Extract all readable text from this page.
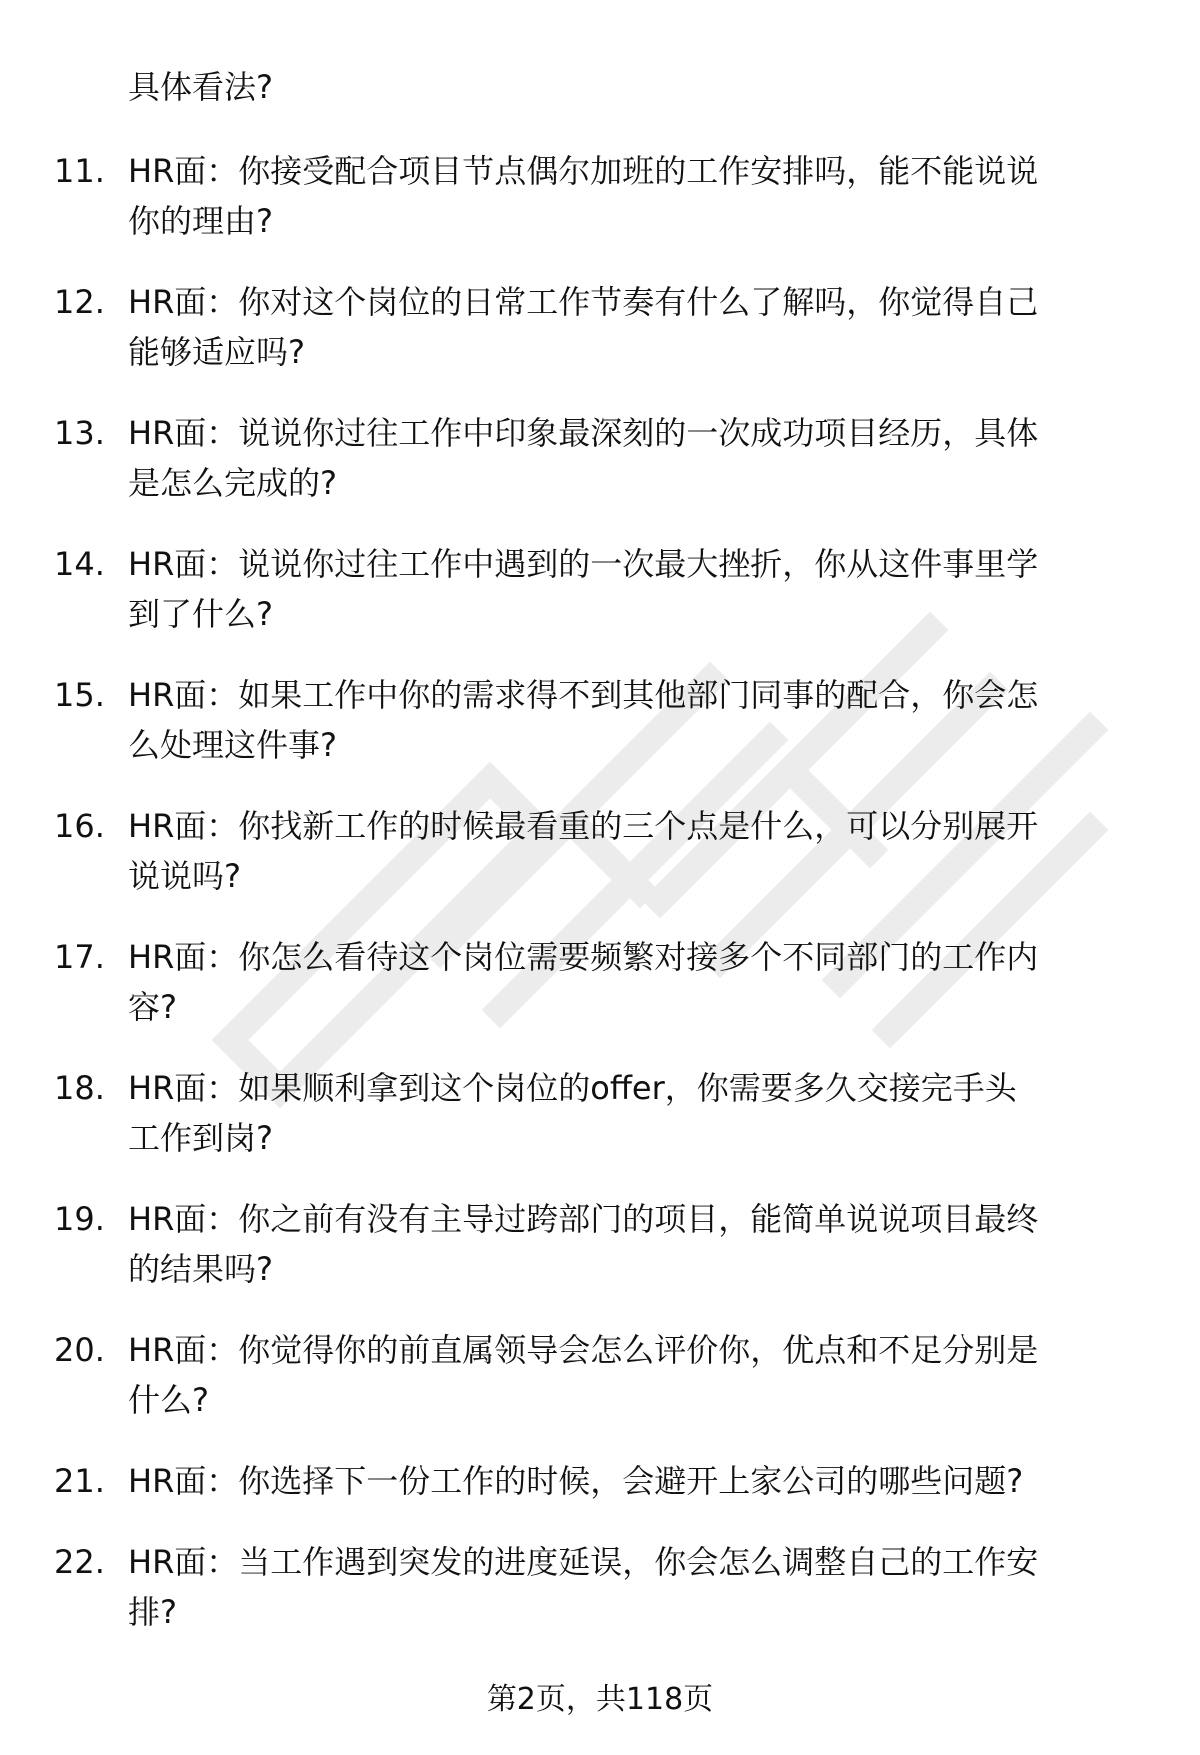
具体看法?
11. HR面：你接受配合项目节点偶尔加班的工作安排吗，能不能说说
你的理由?
12. HR面：你对这个岗位的日常工作节奏有什么了解吗，你觉得自己
能够适应吗?
13. HR面：说说你过往工作中印象最深刻的一次成功项目经历，具体
是怎么完成的?
14. HR面：说说你过往工作中遇到的一次最大挫折，你从这件事里学
到了什么?
15. HR面：如果工作中你的需求得不到其他部门同事的配合，你会怎
么处理这件事?
16. HR面：你找新工作的时候最看重的三个点是什么，可以分别展开
说说吗?
17. HR面：你怎么看待这个岗位需要频繁对接多个不同部门的工作内
容?
18. HR面：如果顺利拿到这个岗位的offer，你需要多久交接完手头
工作到岗?
19. HR面：你之前有没有主导过跨部门的项目，能简单说说项目最终
的结果吗?
20. HR面：你觉得你的前直属领导会怎么评价你，优点和不足分别是
什么?
21. HR面：你选择下一份工作的时候，会避开上家公司的哪些问题?
22. HR面：当工作遇到突发的进度延误，你会怎么调整自己的工作安
排?
第2页，共118页
